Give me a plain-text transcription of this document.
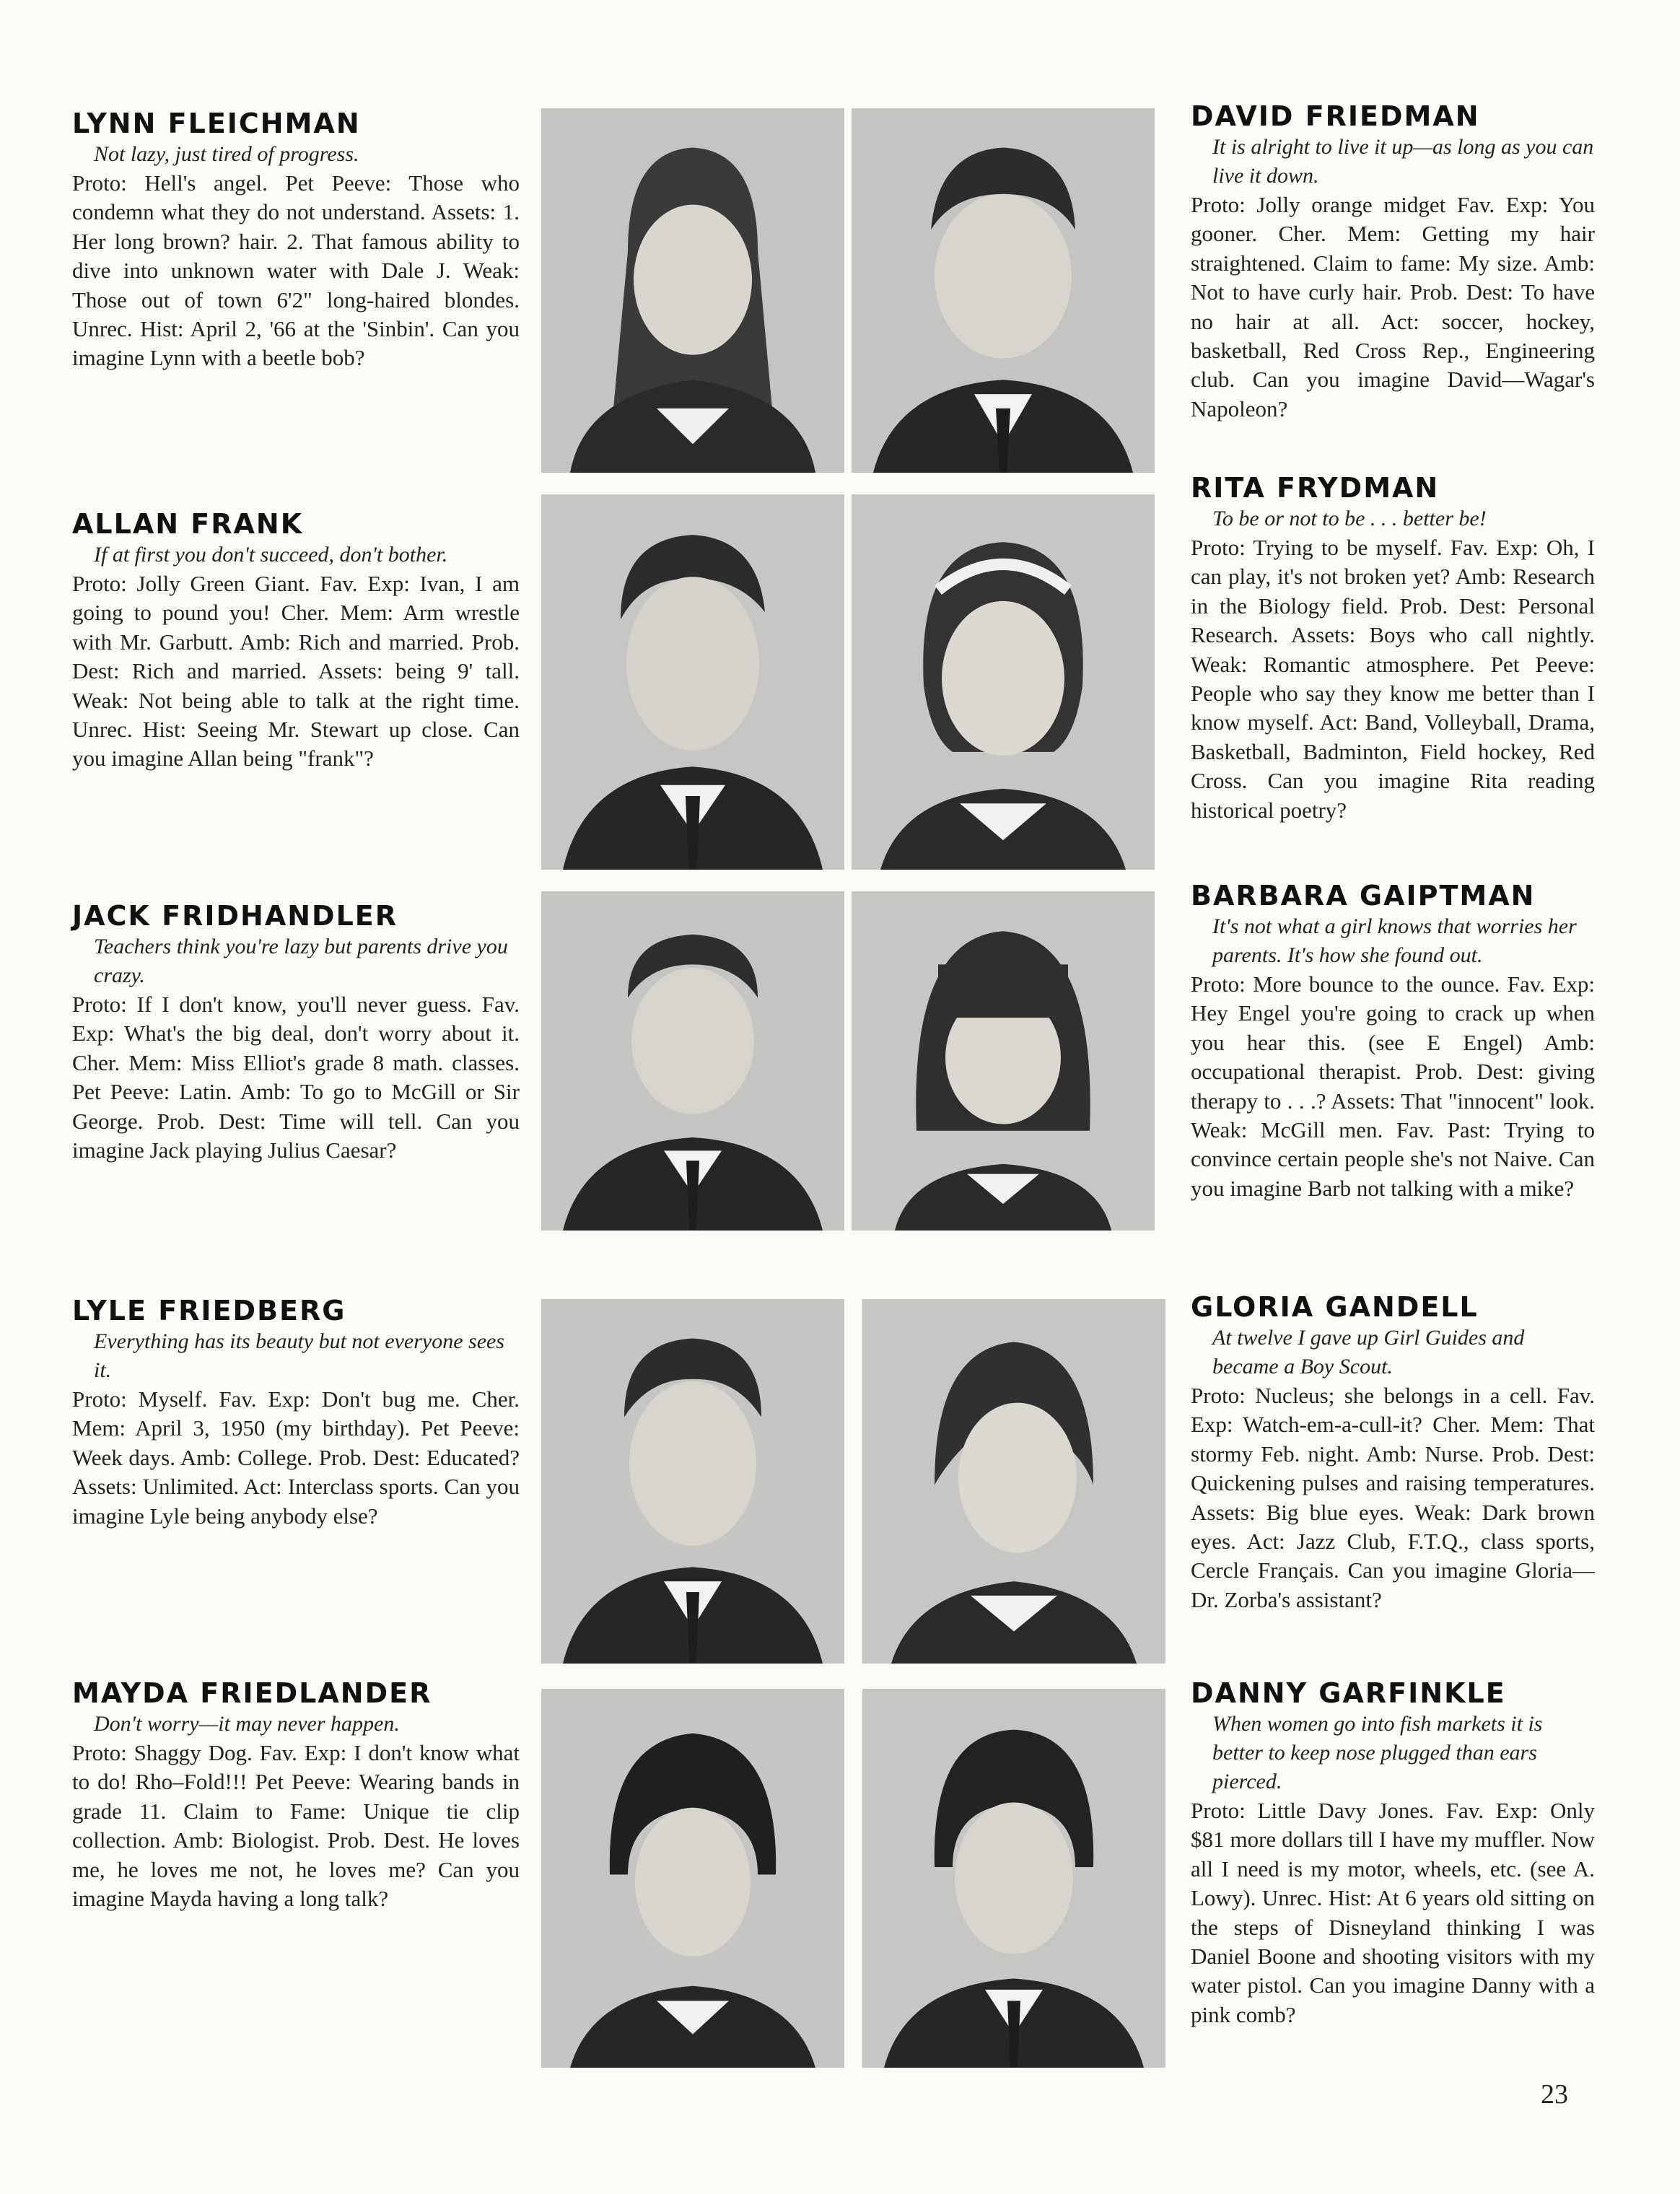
LYNN FLEICHMAN
Not lazy, just tired of progress.
Proto: Hell's angel. Pet Peeve: Those who condemn what they do not understand. Assets: 1. Her long brown? hair. 2. That famous ability to dive into unknown water with Dale J. Weak: Those out of town 6'2" long-haired blondes. Unrec. Hist: April 2, '66 at the 'Sinbin'. Can you imagine Lynn with a beetle bob?
ALLAN FRANK
If at first you don't succeed, don't bother.
Proto: Jolly Green Giant. Fav. Exp: Ivan, I am going to pound you! Cher. Mem: Arm wrestle with Mr. Garbutt. Amb: Rich and married. Prob. Dest: Rich and married. Assets: being 9' tall. Weak: Not being able to talk at the right time. Unrec. Hist: Seeing Mr. Stewart up close. Can you imagine Allan being "frank"?
JACK FRIDHANDLER
Teachers think you're lazy but parents drive you crazy.
Proto: If I don't know, you'll never guess. Fav. Exp: What's the big deal, don't worry about it. Cher. Mem: Miss Elliot's grade 8 math. classes. Pet Peeve: Latin. Amb: To go to McGill or Sir George. Prob. Dest: Time will tell. Can you imagine Jack playing Julius Caesar?
LYLE FRIEDBERG
Everything has its beauty but not everyone sees it.
Proto: Myself. Fav. Exp: Don't bug me. Cher. Mem: April 3, 1950 (my birthday). Pet Peeve: Week days. Amb: College. Prob. Dest: Educated? Assets: Unlimited. Act: Interclass sports. Can you imagine Lyle being anybody else?
MAYDA FRIEDLANDER
Don't worry—it may never happen.
Proto: Shaggy Dog. Fav. Exp: I don't know what to do! Rho–Fold!!! Pet Peeve: Wearing bands in grade 11. Claim to Fame: Unique tie clip collection. Amb: Biologist. Prob. Dest. He loves me, he loves me not, he loves me? Can you imagine Mayda having a long talk?
DAVID FRIEDMAN
It is alright to live it up—as long as you can live it down.
Proto: Jolly orange midget Fav. Exp: You gooner. Cher. Mem: Getting my hair straightened. Claim to fame: My size. Amb: Not to have curly hair. Prob. Dest: To have no hair at all. Act: soccer, hockey, basketball, Red Cross Rep., Engineering club. Can you imagine David—Wagar's Napoleon?
RITA FRYDMAN
To be or not to be . . . better be!
Proto: Trying to be myself. Fav. Exp: Oh, I can play, it's not broken yet? Amb: Research in the Biology field. Prob. Dest: Personal Research. Assets: Boys who call nightly. Weak: Romantic atmosphere. Pet Peeve: People who say they know me better than I know myself. Act: Band, Volleyball, Drama, Basketball, Badminton, Field hockey, Red Cross. Can you imagine Rita reading historical poetry?
BARBARA GAIPTMAN
It's not what a girl knows that worries her parents. It's how she found out.
Proto: More bounce to the ounce. Fav. Exp: Hey Engel you're going to crack up when you hear this. (see E Engel) Amb: occupational therapist. Prob. Dest: giving therapy to . . .? Assets: That "innocent" look. Weak: McGill men. Fav. Past: Trying to convince certain people she's not Naive. Can you imagine Barb not talking with a mike?
GLORIA GANDELL
At twelve I gave up Girl Guides and became a Boy Scout.
Proto: Nucleus; she belongs in a cell. Fav. Exp: Watch-em-a-cull-it? Cher. Mem: That stormy Feb. night. Amb: Nurse. Prob. Dest: Quickening pulses and raising temperatures. Assets: Big blue eyes. Weak: Dark brown eyes. Act: Jazz Club, F.T.Q., class sports, Cercle Français. Can you imagine Gloria—Dr. Zorba's assistant?
DANNY GARFINKLE
When women go into fish markets it is better to keep nose plugged than ears pierced.
Proto: Little Davy Jones. Fav. Exp: Only $81 more dollars till I have my muffler. Now all I need is my motor, wheels, etc. (see A. Lowy). Unrec. Hist: At 6 years old sitting on the steps of Disneyland thinking I was Daniel Boone and shooting visitors with my water pistol. Can you imagine Danny with a pink comb?
23
